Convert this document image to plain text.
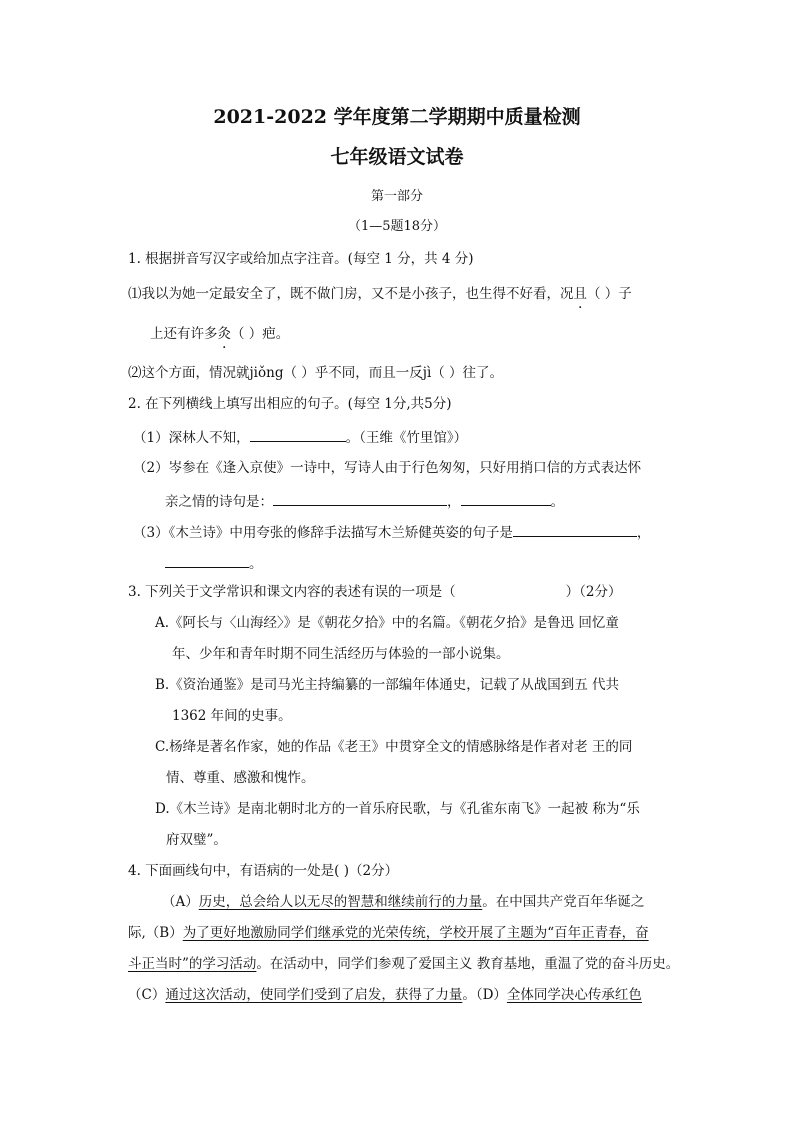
2021-2022 学年度第二学期期中质量检测
七年级语文试卷
第一部分
（1—5题18分）
1. 根据拼音写汉字或给加点字注音。(每空 1 分，共 4 分)
⑴我以为她一定最安全了，既不做门房，又不是小孩子，也生得不好看，况且（ ）子
上还有许多灸（ ）疤。
⑵这个方面，情况就jiǒng（ ）乎不同，而且一反jì（ ）往了。
2. 在下列横线上填写出相应的句子。(每空 1分,共5分)
（1）深林人不知，	。（王维《竹里馆》）
（2）岑参在《逢入京使》一诗中，写诗人由于行色匆匆，只好用捎口信的方式表达怀
亲之情的诗句是：	，	。
（3）《木兰诗》中用夸张的修辞手法描写木兰矫健英姿的句子是	，
。
3. 下列关于文学常识和课文内容的表述有误的一项是（	）（2分）
A.《阿长与〈山海经〉》是《朝花夕拾》中的名篇。《朝花夕拾》是鲁迅 回忆童
年、少年和青年时期不同生活经历与体验的一部小说集。
B.《资治通鉴》是司马光主持编纂的一部编年体通史，记载了从战国到五 代共
1362 年间的史事。
C.杨绛是著名作家，她的作品《老王》中贯穿全文的情感脉络是作者对老 王的同
情、尊重、感激和愧怍。
D.《木兰诗》是南北朝时北方的一首乐府民歌，与《孔雀东南飞》一起被 称为“乐
府双璧”。
4. 下面画线句中，有语病的一处是( )（2分）
（A）历史，总会给人以无尽的智慧和继续前行的力量。在中国共产党百年华诞之
际,（B）为了更好地激励同学们继承党的光荣传统，学校开展了主题为“百年正青春，奋
斗正当时”的学习活动。在活动中，同学们参观了爱国主义 教育基地，重温了党的奋斗历史。
（C）通过这次活动，使同学们受到了启发，获得了力量。（D）全体同学决心传承红色
